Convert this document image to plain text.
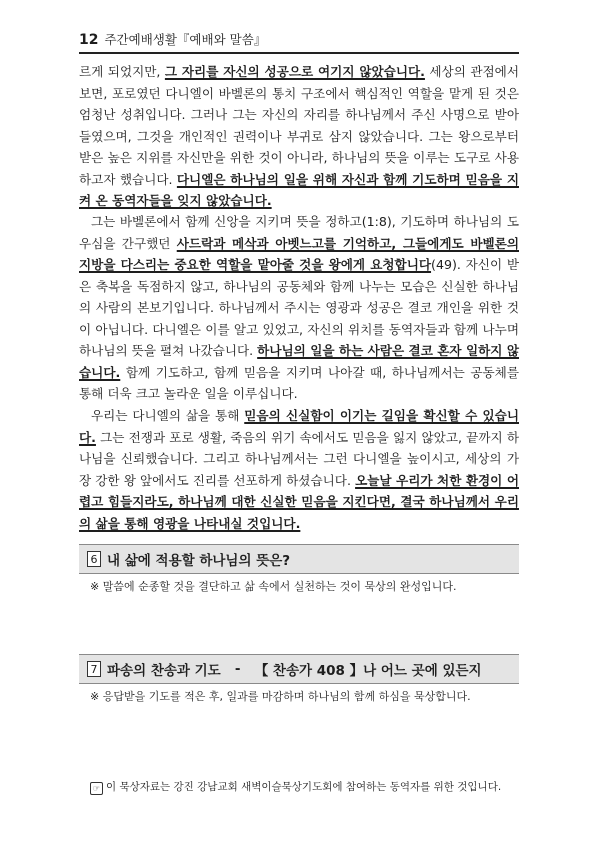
12 주간예배생활『예배와 말씀』

르게 되었지만, 그 자리를 자신의 성공으로 여기지 않았습니다. 세상의 관점에서 보면, 포로였던 다니엘이 바벨론의 통치 구조에서 핵심적인 역할을 맡게 된 것은 엄청난 성취입니다. 그러나 그는 자신의 자리를 하나님께서 주신 사명으로 받아들였으며, 그것을 개인적인 권력이나 부귀로 삼지 않았습니다. 그는 왕으로부터 받은 높은 지위를 자신만을 위한 것이 아니라, 하나님의 뜻을 이루는 도구로 사용하고자 했습니다. 다니엘은 하나님의 일을 위해 자신과 함께 기도하며 믿음을 지켜 온 동역자들을 잊지 않았습니다.

그는 바벨론에서 함께 신앙을 지키며 뜻을 정하고(1:8), 기도하며 하나님의 도우심을 간구했던 사드락과 메삭과 아벳느고를 기억하고, 그들에게도 바벨론의 지방을 다스리는 중요한 역할을 맡아줄 것을 왕에게 요청합니다(49). 자신이 받은 축복을 독점하지 않고, 하나님의 공동체와 함께 나누는 모습은 신실한 하나님의 사람의 본보기입니다. 하나님께서 주시는 영광과 성공은 결코 개인을 위한 것이 아닙니다. 다니엘은 이를 알고 있었고, 자신의 위치를 동역자들과 함께 나누며 하나님의 뜻을 펼쳐 나갔습니다. 하나님의 일을 하는 사람은 결코 혼자 일하지 않습니다. 함께 기도하고, 함께 믿음을 지키며 나아갈 때, 하나님께서는 공동체를 통해 더욱 크고 놀라운 일을 이루십니다.

우리는 다니엘의 삶을 통해 믿음의 신실함이 이기는 길임을 확신할 수 있습니다. 그는 전쟁과 포로 생활, 죽음의 위기 속에서도 믿음을 잃지 않았고, 끝까지 하나님을 신뢰했습니다. 그리고 하나님께서는 그런 다니엘을 높이시고, 세상의 가장 강한 왕 앞에서도 진리를 선포하게 하셨습니다. 오늘날 우리가 처한 환경이 어렵고 힘들지라도, 하나님께 대한 신실한 믿음을 지킨다면, 결국 하나님께서 우리의 삶을 통해 영광을 나타내실 것입니다.

6 내 삶에 적용할 하나님의 뜻은?
※ 말씀에 순종할 것을 결단하고 삶 속에서 실천하는 것이 묵상의 완성입니다.
7 파송의 찬송과 기도	-	【 찬송가 408 】나 어느 곳에 있든지
※ 응답받을 기도를 적은 후, 일과를 마감하며 하나님의 함께 하심을 묵상합니다.
☞ 이 묵상자료는 강진 강남교회 새벽이슬묵상기도회에 참여하는 동역자를 위한 것입니다.
